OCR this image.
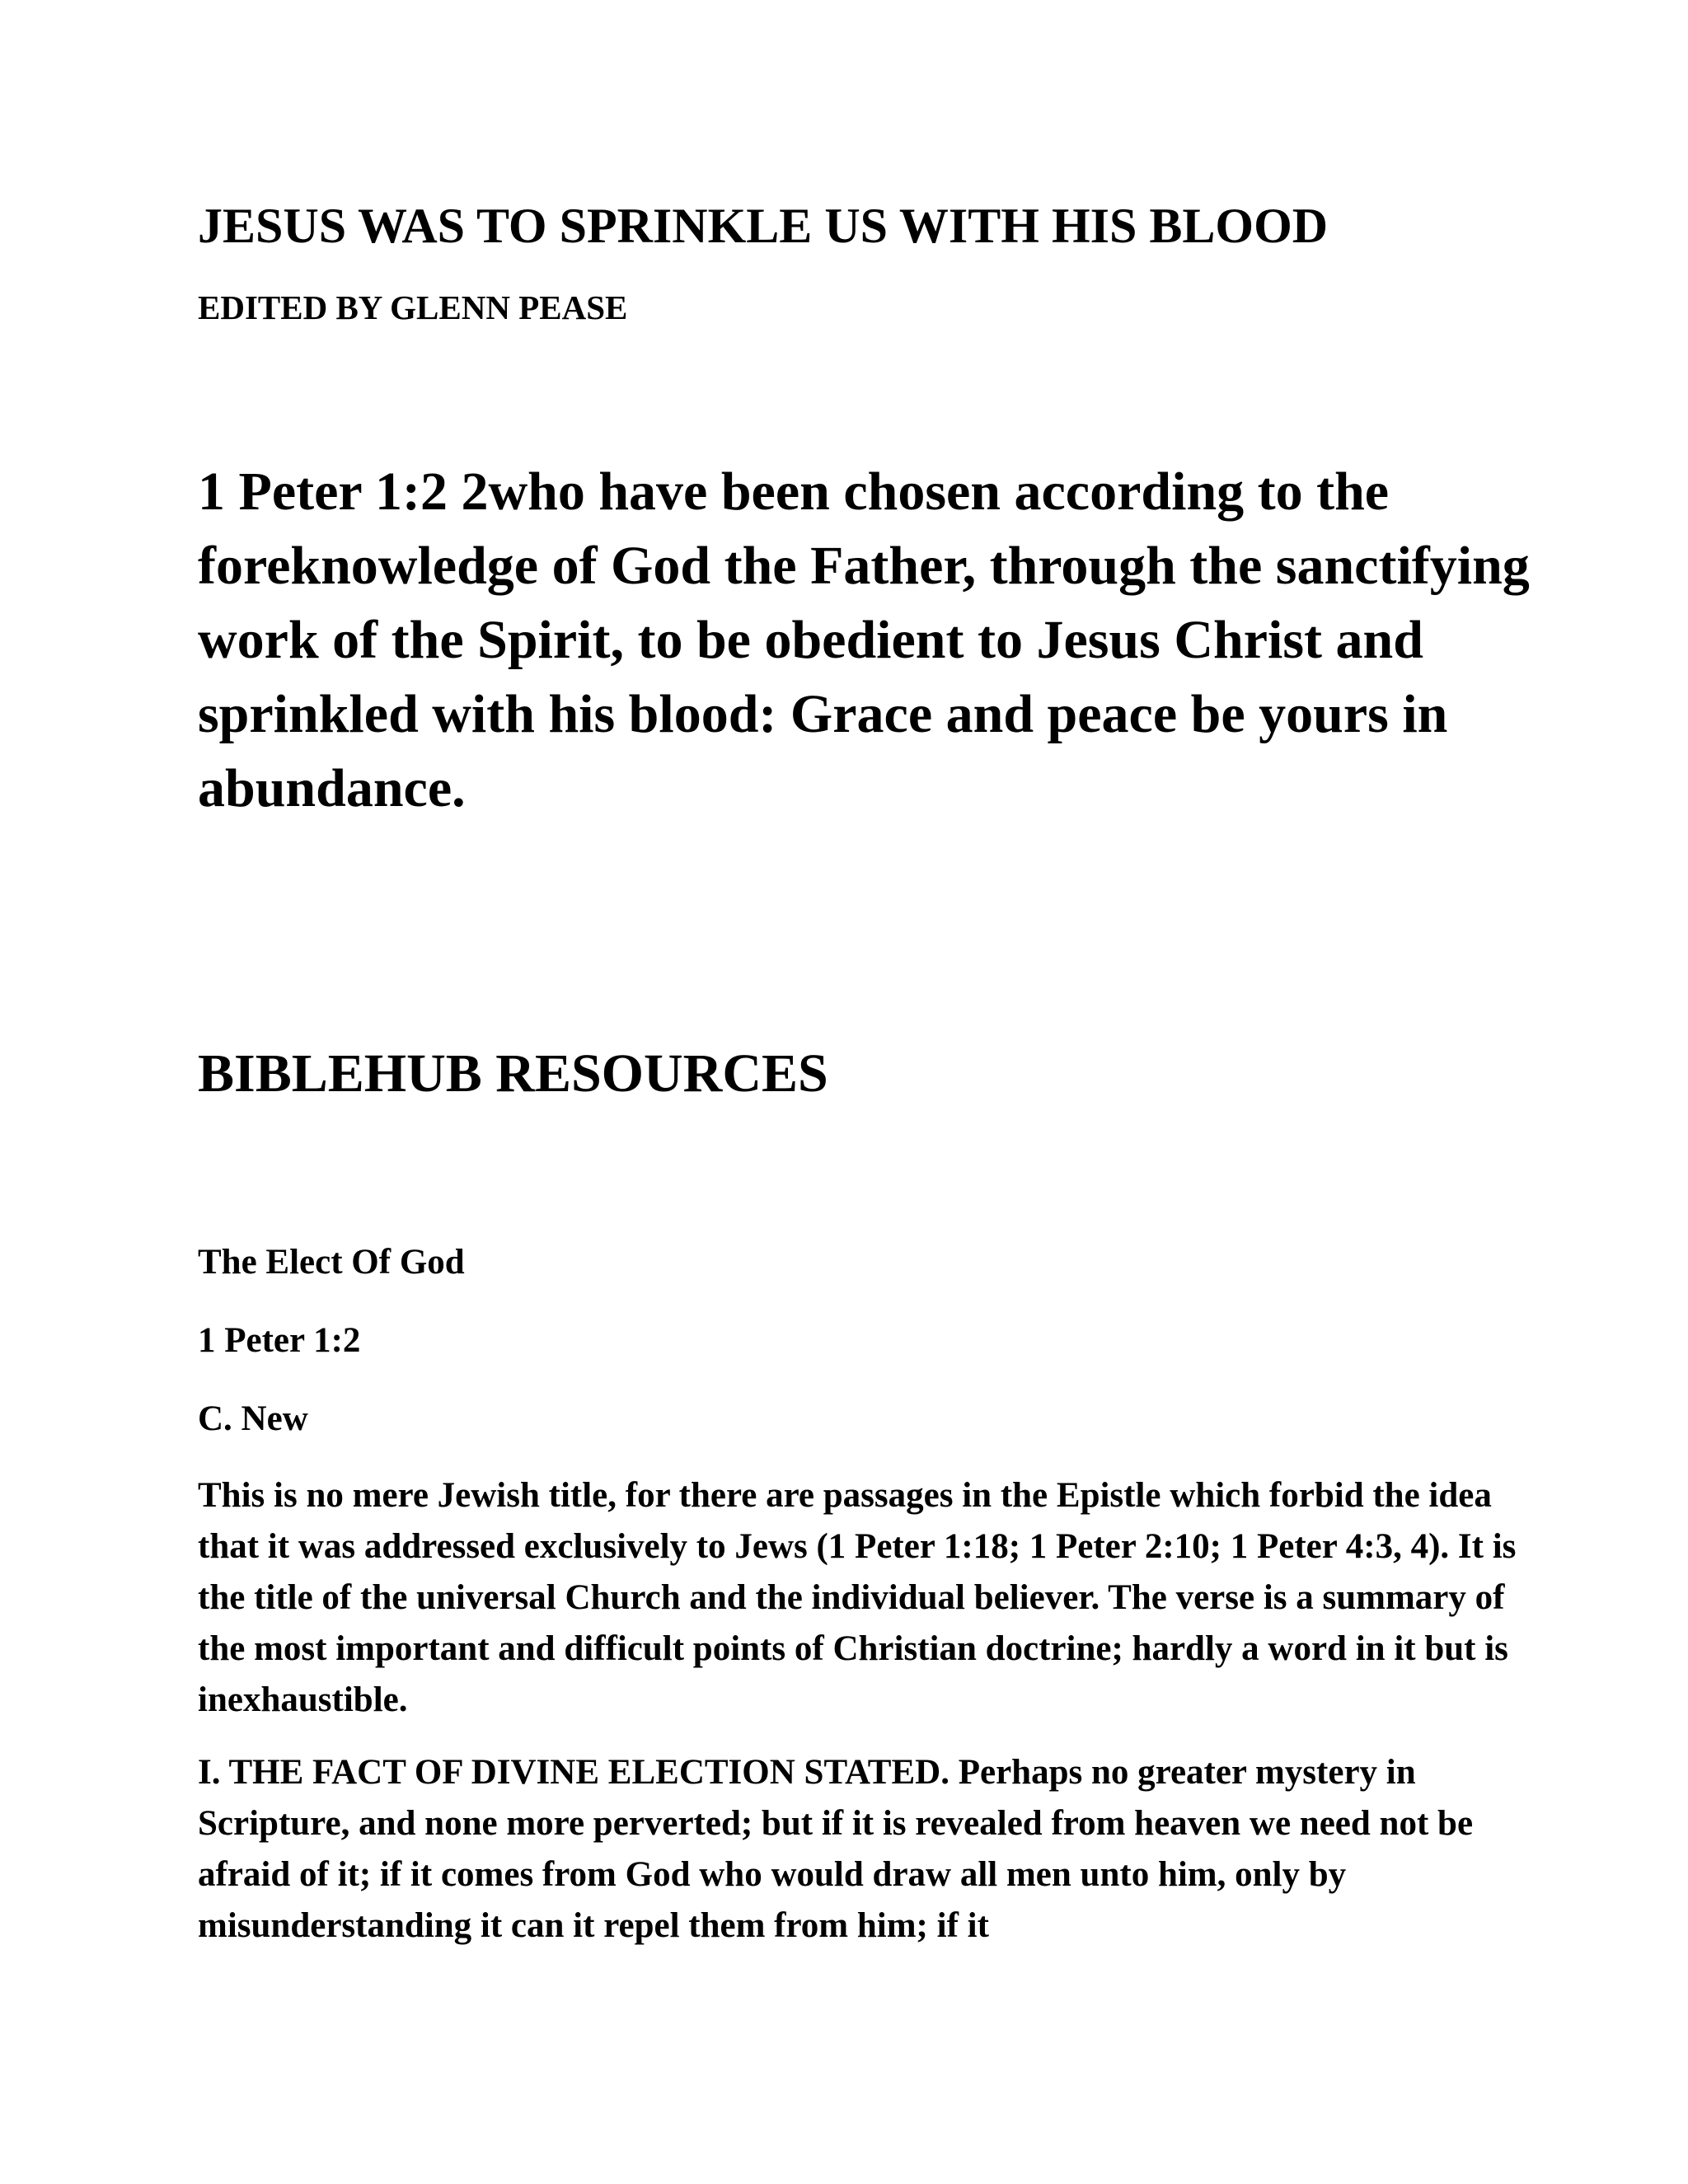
JESUS WAS TO SPRINKLE US WITH HIS BLOOD

EDITED BY GLENN PEASE

1 Peter 1:2 2who have been chosen according to the foreknowledge of God the Father, through the sanctifying work of the Spirit, to be obedient to Jesus Christ and sprinkled with his blood: Grace and peace be yours in abundance.

BIBLEHUB RESOURCES

The Elect Of God

1 Peter 1:2

C. New

This is no mere Jewish title, for there are passages in the Epistle which forbid the idea that it was addressed exclusively to Jews (1 Peter 1:18; 1 Peter 2:10; 1 Peter 4:3, 4). It is the title of the universal Church and the individual believer. The verse is a summary of the most important and difficult points of Christian doctrine; hardly a word in it but is inexhaustible.

I. THE FACT OF DIVINE ELECTION STATED. Perhaps no greater mystery in Scripture, and none more perverted; but if it is revealed from heaven we need not be afraid of it; if it comes from God who would draw all men unto him, only by misunderstanding it can it repel them from him; if it
